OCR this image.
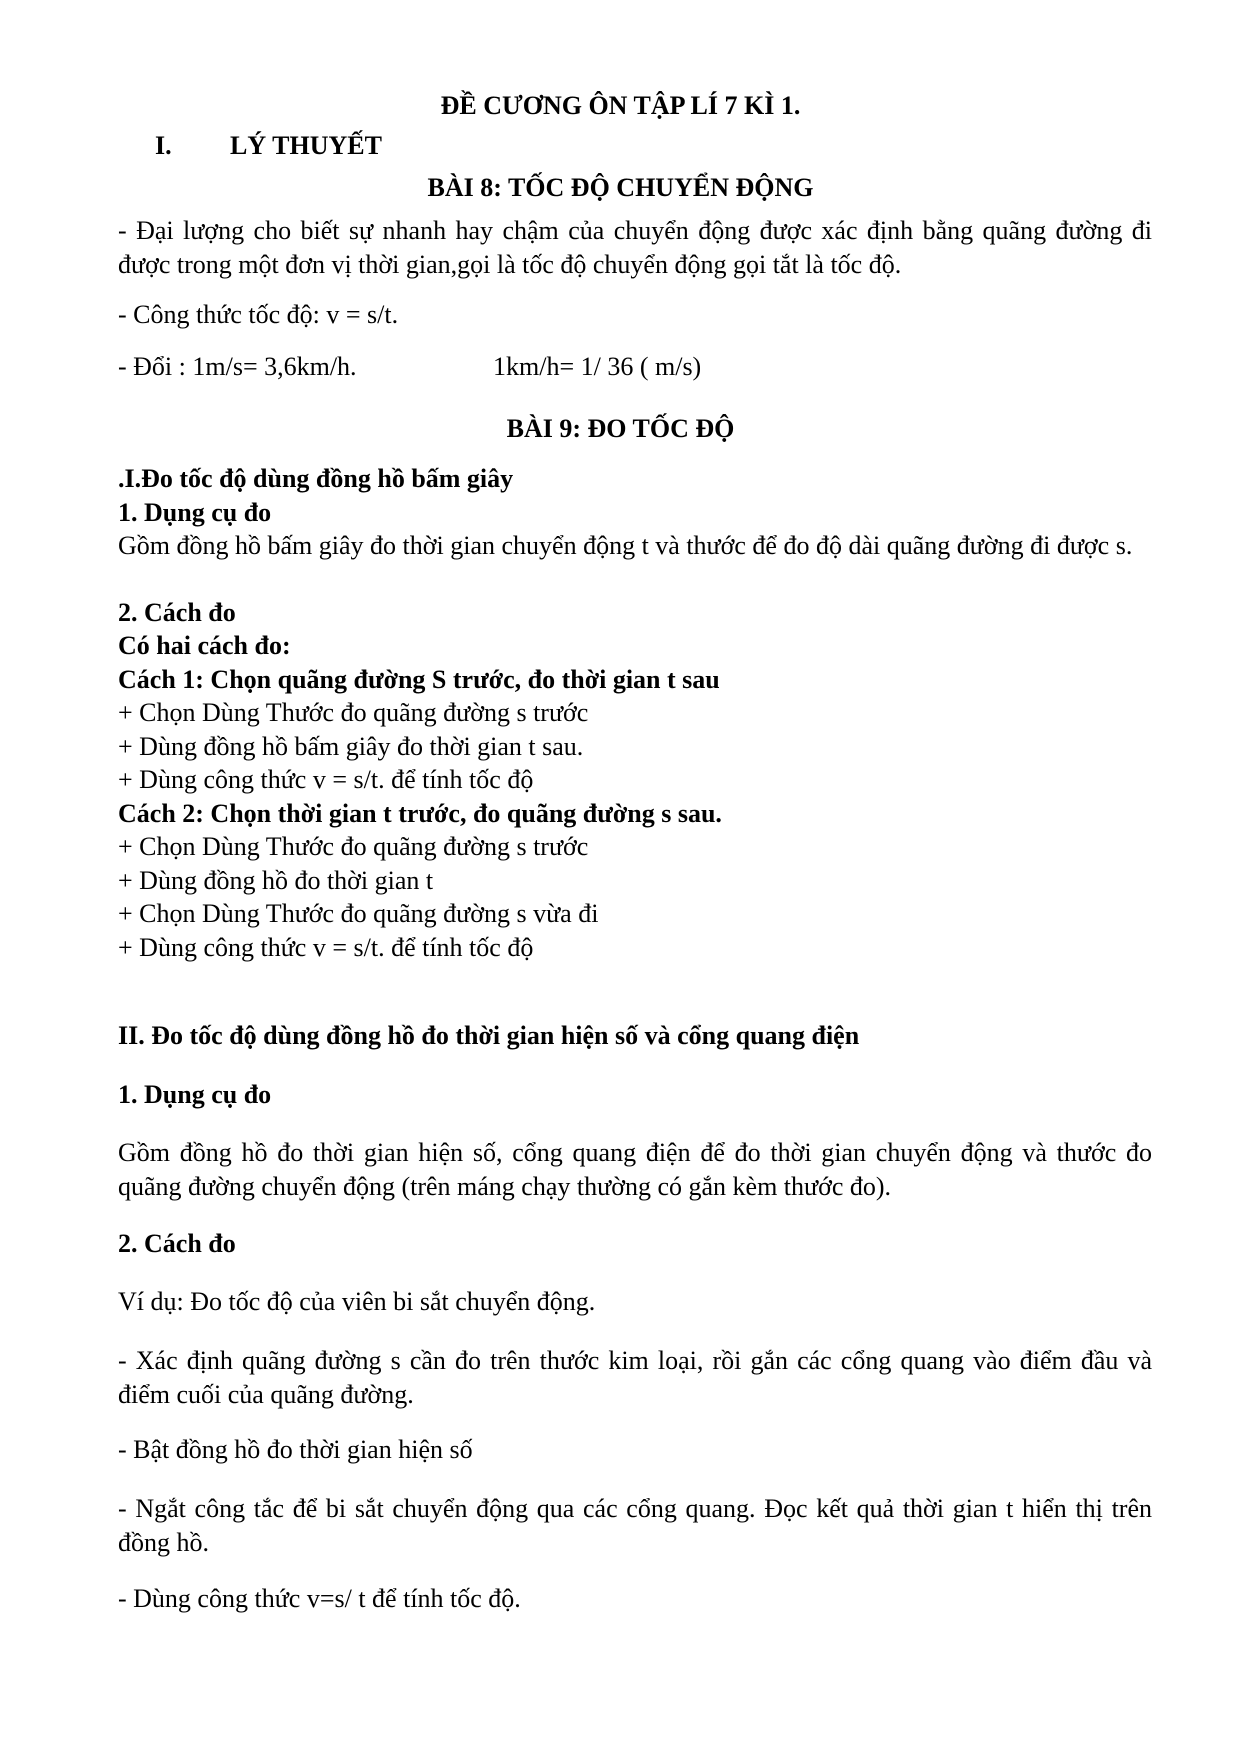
ĐỀ CƯƠNG ÔN TẬP LÍ 7 KÌ 1.
I. LÝ THUYẾT
BÀI 8: TỐC ĐỘ CHUYỂN ĐỘNG
- Đại lượng cho biết sự nhanh hay chậm của chuyển động được xác định bằng quãng đường đi được trong một đơn vị thời gian,gọi là tốc độ chuyển động gọi tắt là tốc độ.
- Công thức tốc độ: v = s/t.
- Đổi : 1m/s= 3,6km/h.	1km/h= 1/ 36 ( m/s)
BÀI 9: ĐO TỐC ĐỘ
.I.Đo tốc độ dùng đồng hồ bấm giây
1. Dụng cụ đo
Gồm đồng hồ bấm giây đo thời gian chuyển động t và thước để đo độ dài quãng đường đi được s.
2. Cách đo
Có hai cách đo:
Cách 1: Chọn quãng đường S trước, đo thời gian t sau
+ Chọn Dùng Thước đo quãng đường s trước
+ Dùng đồng hồ bấm giây đo thời gian t sau.
+ Dùng công thức v = s/t. để tính tốc độ
Cách 2: Chọn thời gian t trước, đo quãng đường s sau.
+ Chọn Dùng Thước đo quãng đường s trước
+ Dùng đồng hồ đo thời gian t
+ Chọn Dùng Thước đo quãng đường s vừa đi
+ Dùng công thức v = s/t. để tính tốc độ
II. Đo tốc độ dùng đồng hồ đo thời gian hiện số và cổng quang điện
1. Dụng cụ đo
Gồm đồng hồ đo thời gian hiện số, cổng quang điện để đo thời gian chuyển động và thước đo quãng đường chuyển động (trên máng chạy thường có gắn kèm thước đo).
2. Cách đo
Ví dụ: Đo tốc độ của viên bi sắt chuyển động.
- Xác định quãng đường s cần đo trên thước kim loại, rồi gắn các cổng quang vào điểm đầu và điểm cuối của quãng đường.
- Bật đồng hồ đo thời gian hiện số
- Ngắt công tắc để bi sắt chuyển động qua các cổng quang. Đọc kết quả thời gian t hiển thị trên đồng hồ.
- Dùng công thức v=s/ t để tính tốc độ.
